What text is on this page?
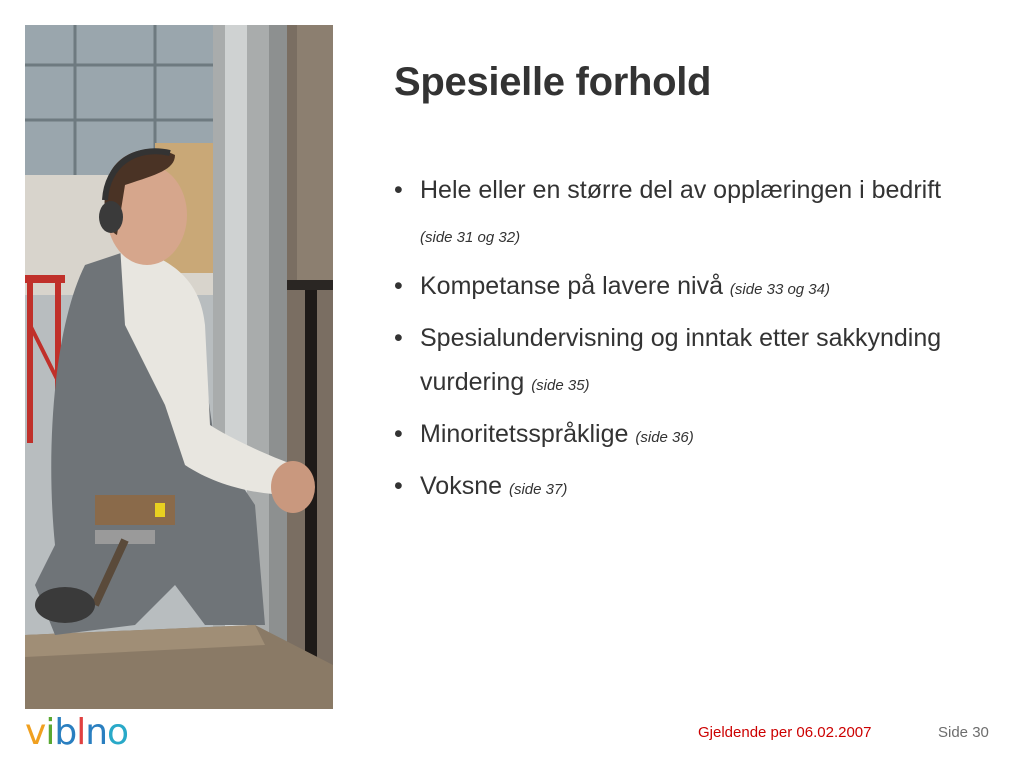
Spesielle forhold
• Hele eller en større del av opplæringen i bedrift (side 31 og 32)
• Kompetanse på lavere nivå (side 33 og 34)
• Spesialundervisning og inntak etter sakkynding vurdering (side 35)
• Minoritetsspråklige (side 36)
• Voksne (side 37)
viblno	Gjeldende per 06.02.2007	Side 30
